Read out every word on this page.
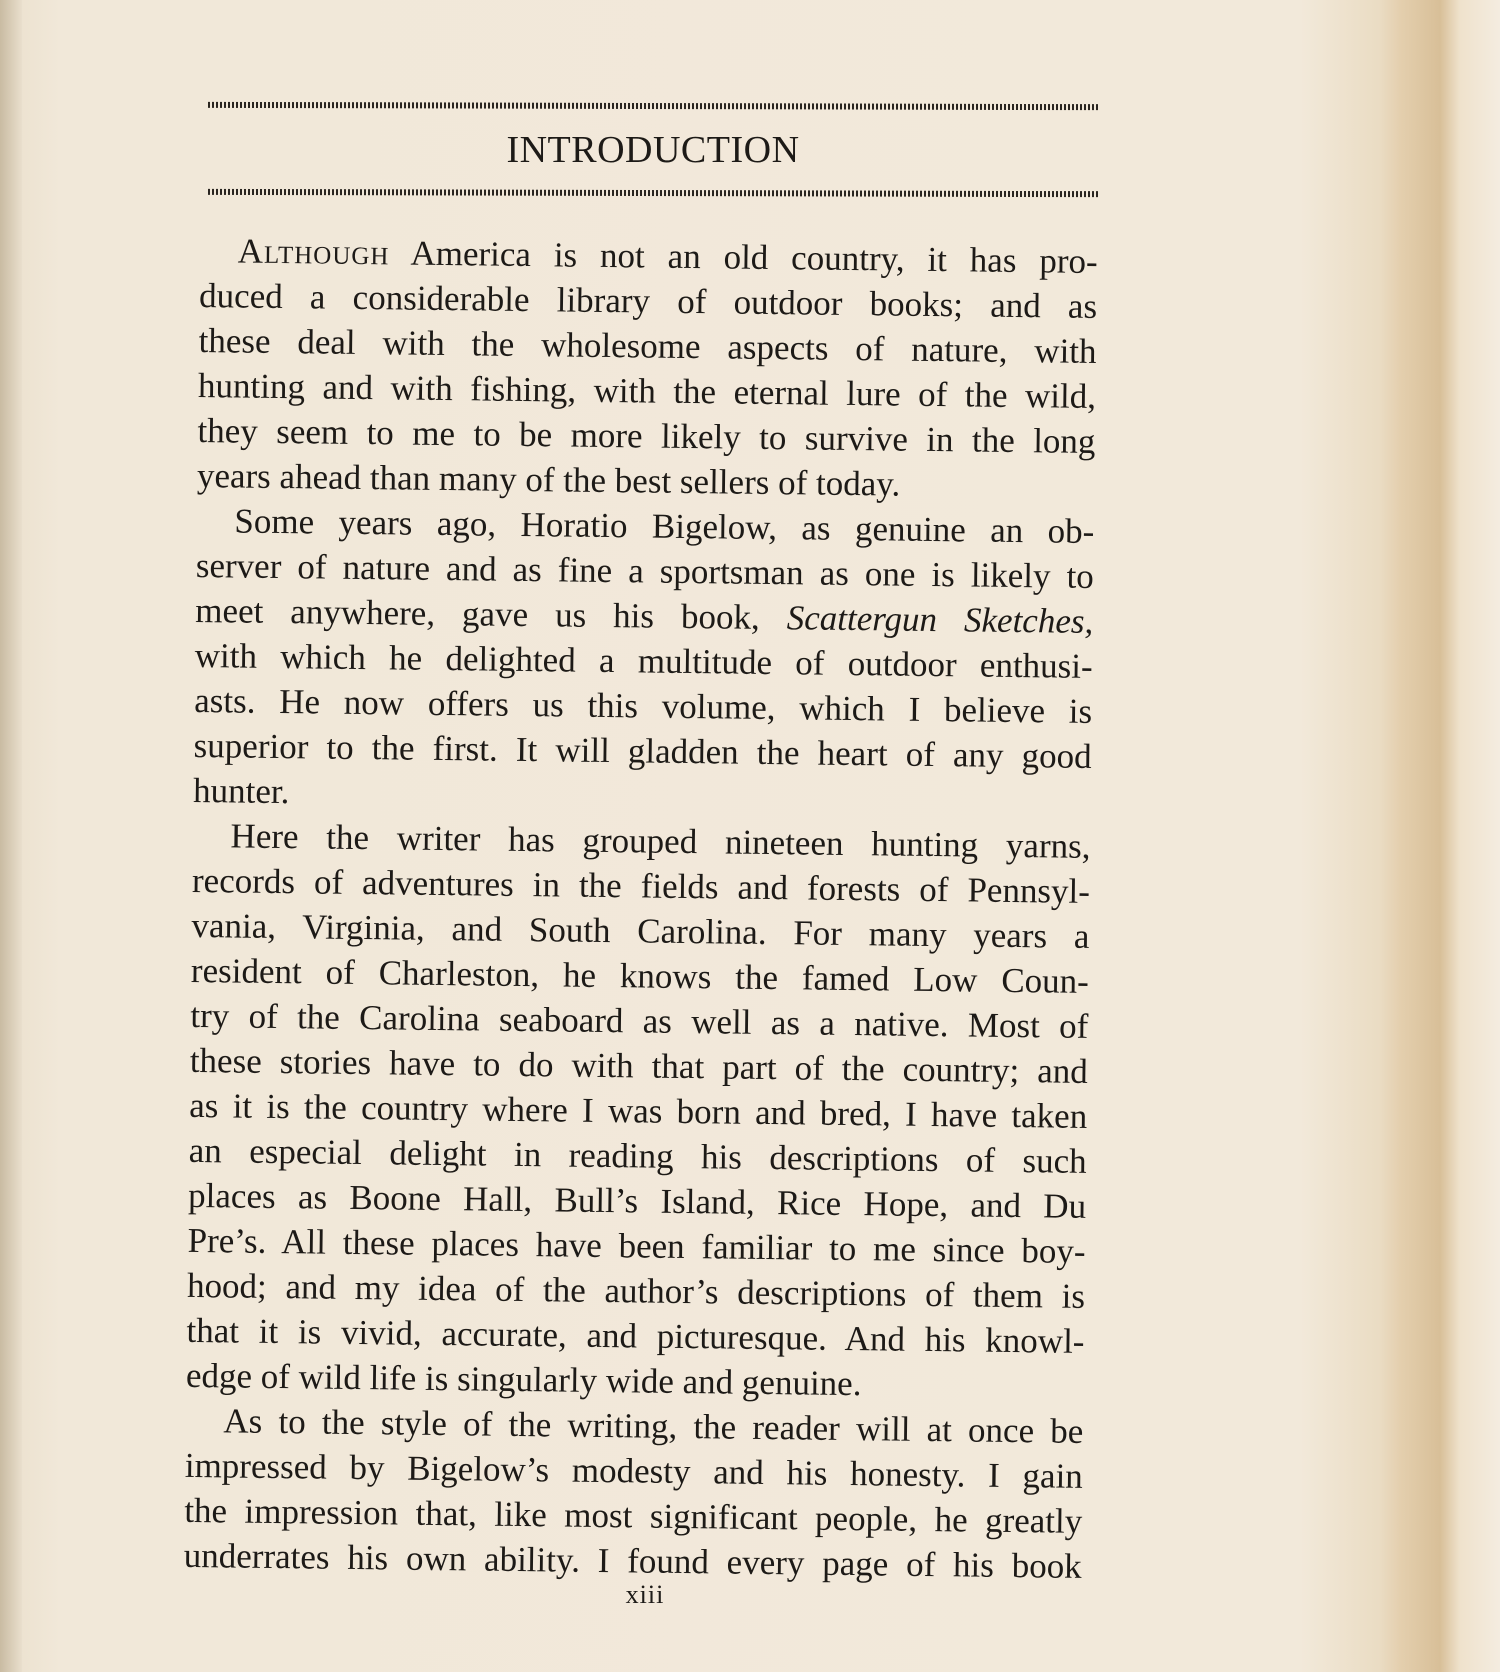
INTRODUCTION
Although America is not an old country, it has pro-
duced a considerable library of outdoor books; and as
these deal with the wholesome aspects of nature, with
hunting and with fishing, with the eternal lure of the wild,
they seem to me to be more likely to survive in the long
years ahead than many of the best sellers of today.
Some years ago, Horatio Bigelow, as genuine an ob-
server of nature and as fine a sportsman as one is likely to
meet anywhere, gave us his book, Scattergun Sketches,
with which he delighted a multitude of outdoor enthusi-
asts. He now offers us this volume, which I believe is
superior to the first. It will gladden the heart of any good
hunter.
Here the writer has grouped nineteen hunting yarns,
records of adventures in the fields and forests of Pennsyl-
vania, Virginia, and South Carolina. For many years a
resident of Charleston, he knows the famed Low Coun-
try of the Carolina seaboard as well as a native. Most of
these stories have to do with that part of the country; and
as it is the country where I was born and bred, I have taken
an especial delight in reading his descriptions of such
places as Boone Hall, Bull’s Island, Rice Hope, and Du
Pre’s. All these places have been familiar to me since boy-
hood; and my idea of the author’s descriptions of them is
that it is vivid, accurate, and picturesque. And his knowl-
edge of wild life is singularly wide and genuine.
As to the style of the writing, the reader will at once be
impressed by Bigelow’s modesty and his honesty. I gain
the impression that, like most significant people, he greatly
underrates his own ability. I found every page of his book
xiii
